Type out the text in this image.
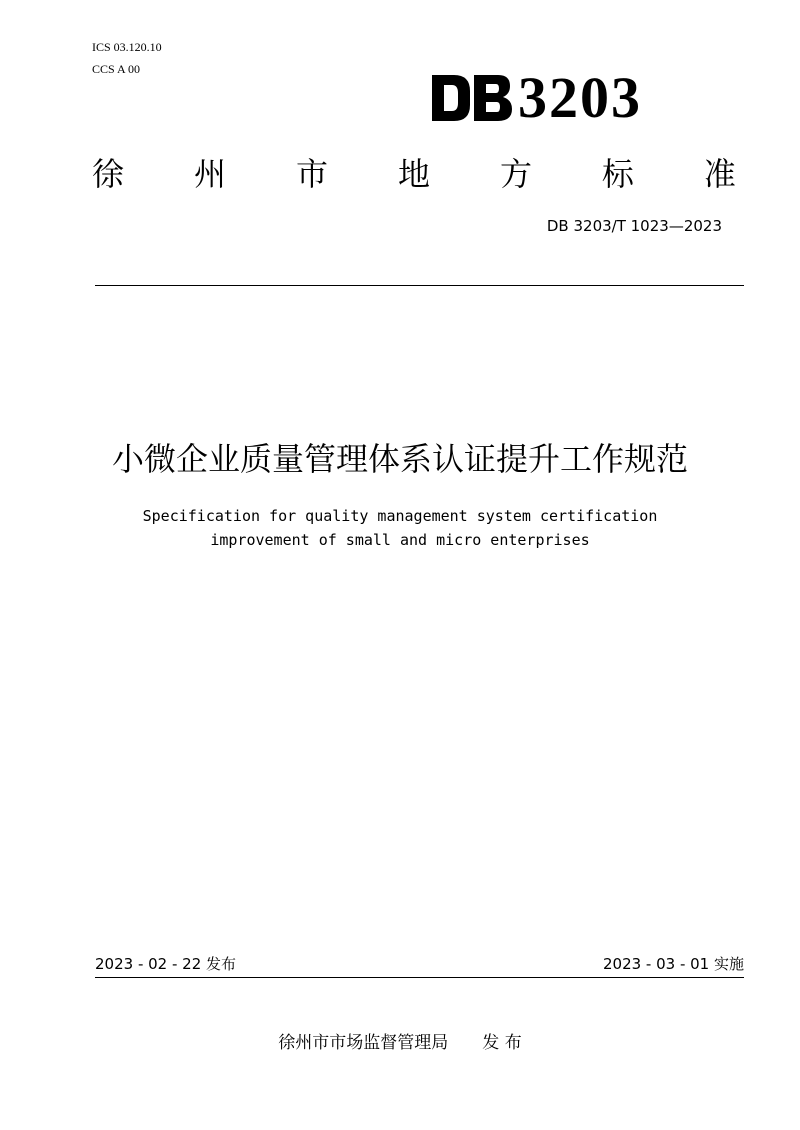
ICS 03.120.10
CCS A 00	3203
徐 州 市 地 方 标 准
DB 3203/T 1023—2023
小微企业质量管理体系认证提升工作规范
Specification for quality management system certification
improvement of small and micro enterprises
2023 - 02 - 22 发布	2023 - 03 - 01 实施
徐州市市场监督管理局 发 布
